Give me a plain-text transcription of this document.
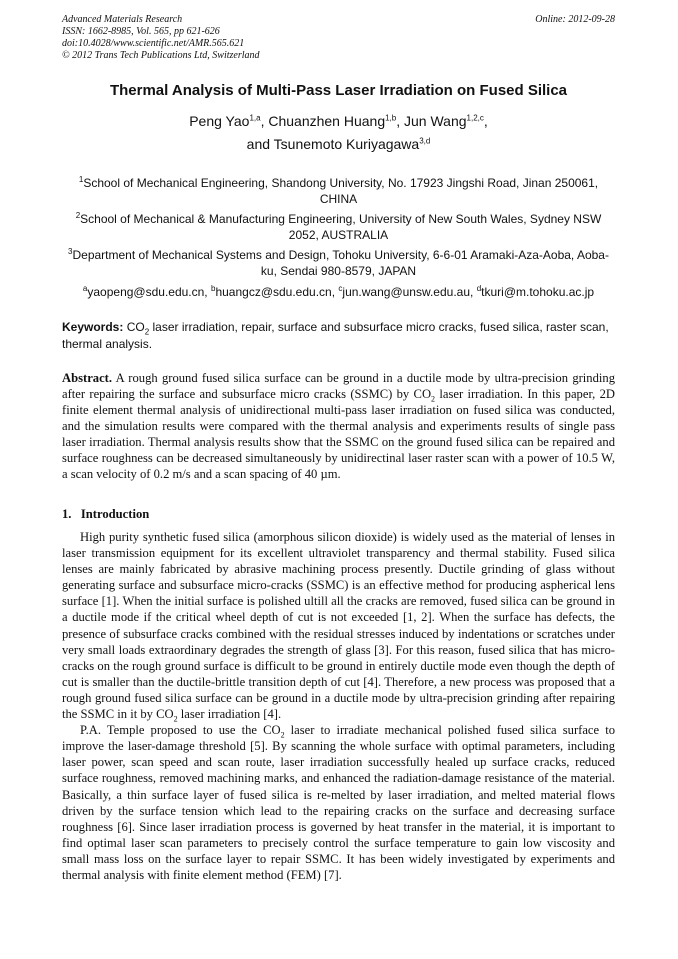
Advanced Materials Research
ISSN: 1662-8985, Vol. 565, pp 621-626
doi:10.4028/www.scientific.net/AMR.565.621
© 2012 Trans Tech Publications Ltd, Switzerland
Online: 2012-09-28
Thermal Analysis of Multi-Pass Laser Irradiation on Fused Silica
Peng Yao$^{1,a}$, Chuanzhen Huang$^{1,b}$, Jun Wang$^{1,2,c}$,
and Tsunemoto Kuriyagawa$^{3,d}$
$^1$School of Mechanical Engineering, Shandong University, No. 17923 Jingshi Road, Jinan 250061, CHINA
$^2$School of Mechanical & Manufacturing Engineering, University of New South Wales, Sydney NSW 2052, AUSTRALIA
$^3$Department of Mechanical Systems and Design, Tohoku University, 6-6-01 Aramaki-Aza-Aoba, Aoba-ku, Sendai 980-8579, JAPAN
$^a$yaopeng@sdu.edu.cn, $^b$huangcz@sdu.edu.cn, $^c$jun.wang@unsw.edu.au, $^d$tkuri@m.tohoku.ac.jp
Keywords: $CO_2$ laser irradiation, repair, surface and subsurface micro cracks, fused silica, raster scan, thermal analysis.
Abstract. A rough ground fused silica surface can be ground in a ductile mode by ultra-precision grinding after repairing the surface and subsurface micro cracks (SSMC) by $CO_2$ laser irradiation. In this paper, 2D finite element thermal analysis of unidirectional multi-pass laser irradiation on fused silica was conducted, and the simulation results were compared with the thermal analysis and experiments results of single pass laser irradiation. Thermal analysis results show that the SSMC on the ground fused silica can be repaired and surface roughness can be decreased simultaneously by unidirectinal laser raster scan with a power of 10.5 W, a scan velocity of 0.2 m/s and a scan spacing of 40 µm.
1. Introduction

High purity synthetic fused silica (amorphous silicon dioxide) is widely used as the material of lenses in laser transmission equipment for its excellent ultraviolet transparency and thermal stability. Fused silica lenses are mainly fabricated by abrasive machining process presently. Ductile grinding of glass without generating surface and subsurface micro-cracks (SSMC) is an effective method for producing aspherical lens surface [1]. When the initial surface is polished ultill all the cracks are removed, fused silica can be ground in a ductile mode if the critical wheel depth of cut is not exceeded [1, 2]. When the surface has defects, the presence of subsurface cracks combined with the residual stresses induced by indentations or scratches under very small loads extraordinary degrades the strength of glass [3]. For this reason, fused silica that has micro-cracks on the rough ground surface is difficult to be ground in entirely ductile mode even though the depth of cut is smaller than the ductile-brittle transition depth of cut [4]. Therefore, a new process was proposed that a rough ground fused silica surface can be ground in a ductile mode by ultra-precision grinding after repairing the SSMC in it by $CO_2$ laser irradiation [4].

P.A. Temple proposed to use the $CO_2$ laser to irradiate mechanical polished fused silica surface to improve the laser-damage threshold [5]. By scanning the whole surface with optimal parameters, including laser power, scan speed and scan route, laser irradiation successfully healed up surface cracks, reduced surface roughness, removed machining marks, and enhanced the radiation-damage resistance of the material. Basically, a thin surface layer of fused silica is re-melted by laser irradiation, and melted material flows driven by the surface tension which lead to the repairing cracks on the surface and decreasing surface roughness [6]. Since laser irradiation process is governed by heat transfer in the material, it is important to find optimal laser scan parameters to precisely control the surface temperature to gain low viscosity and small mass loss on the surface layer to repair SSMC. It has been widely investigated by experiments and thermal analysis with finite element method (FEM) [7].
